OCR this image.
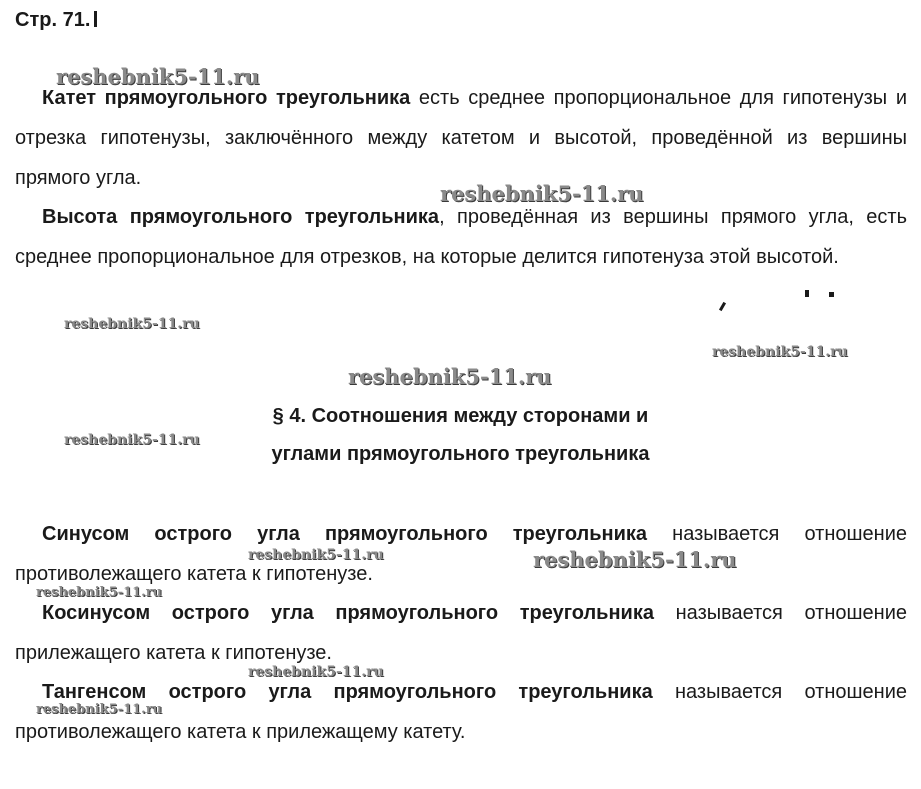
Стр. 71.

Катет прямоугольного треугольника есть среднее пропорциональное для гипотенузы и отрезка гипотенузы, заключённого между катетом и высотой, проведённой из вершины прямого угла.

Высота прямоугольного треугольника, проведённая из вершины прямого угла, есть среднее пропорциональное для отрезков, на которые делится гипотенуза этой высотой.

§ 4. Соотношения между сторонами и
углами прямоугольного треугольника

Синусом острого угла прямоугольного треугольника называется отношение противолежащего катета к гипотенузе.

Косинусом острого угла прямоугольного треугольника называется отношение прилежащего катета к гипотенузе.

Тангенсом острого угла прямоугольного треугольника называется отношение противолежащего катета к прилежащему катету.

reshebnik5-11.ru
reshebnik5-11.ru
reshebnik5-11.ru
reshebnik5-11.ru
reshebnik5-11.ru
reshebnik5-11.ru
reshebnik5-11.ru	reshebnik5-11.ru
reshebnik5-11.ru
reshebnik5-11.ru
reshebnik5-11.ru
